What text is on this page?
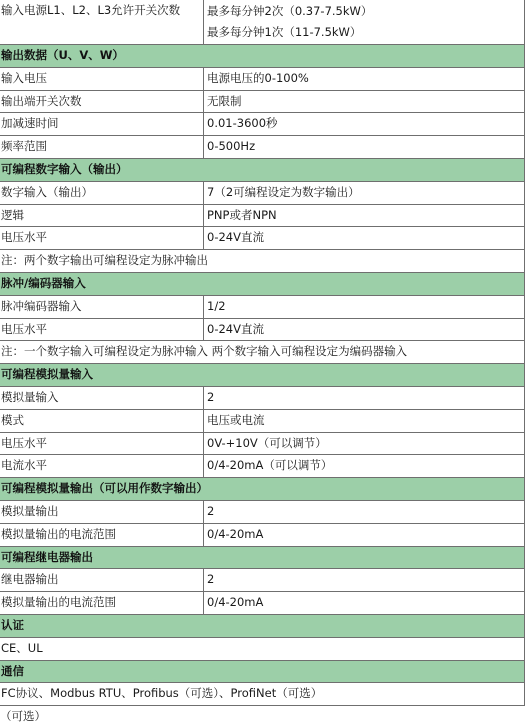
输入电源L1、L2、L3允许开关次数	最多每分钟2次（0.37-7.5kW）
最多每分钟1次（11-7.5kW）

输出数据（U、V、W）	
输入电压	电源电压的0-100%
输出端开关次数	无限制
加减速时间	0.01-3600秒
频率范围	0-500Hz
可编程数字输入（输出）	
数字输入（输出）	7（2可编程设定为数字输出）
逻辑	PNP或者NPN
电压水平	0-24V直流
注：两个数字输出可编程设定为脉冲输出	
脉冲/编码器输入	
脉冲编码器输入	1/2
电压水平	0-24V直流
注：一个数字输入可编程设定为脉冲输入 两个数字输入可编程设定为编码器输入	
可编程模拟量输入	
模拟量输入	2
模式	电压或电流
电压水平	0V-+10V（可以调节）
电流水平	0/4-20mA（可以调节）
可编程模拟量输出（可以用作数字输出）	
模拟量输出	2
模拟量输出的电流范围	0/4-20mA
可编程继电器输出	
继电器输出	2
模拟量输出的电流范围	0/4-20mA
认证	
CE、UL	
通信	
FC协议、Modbus RTU、Profibus（可选）、ProfiNet（可选）	
（可选）
